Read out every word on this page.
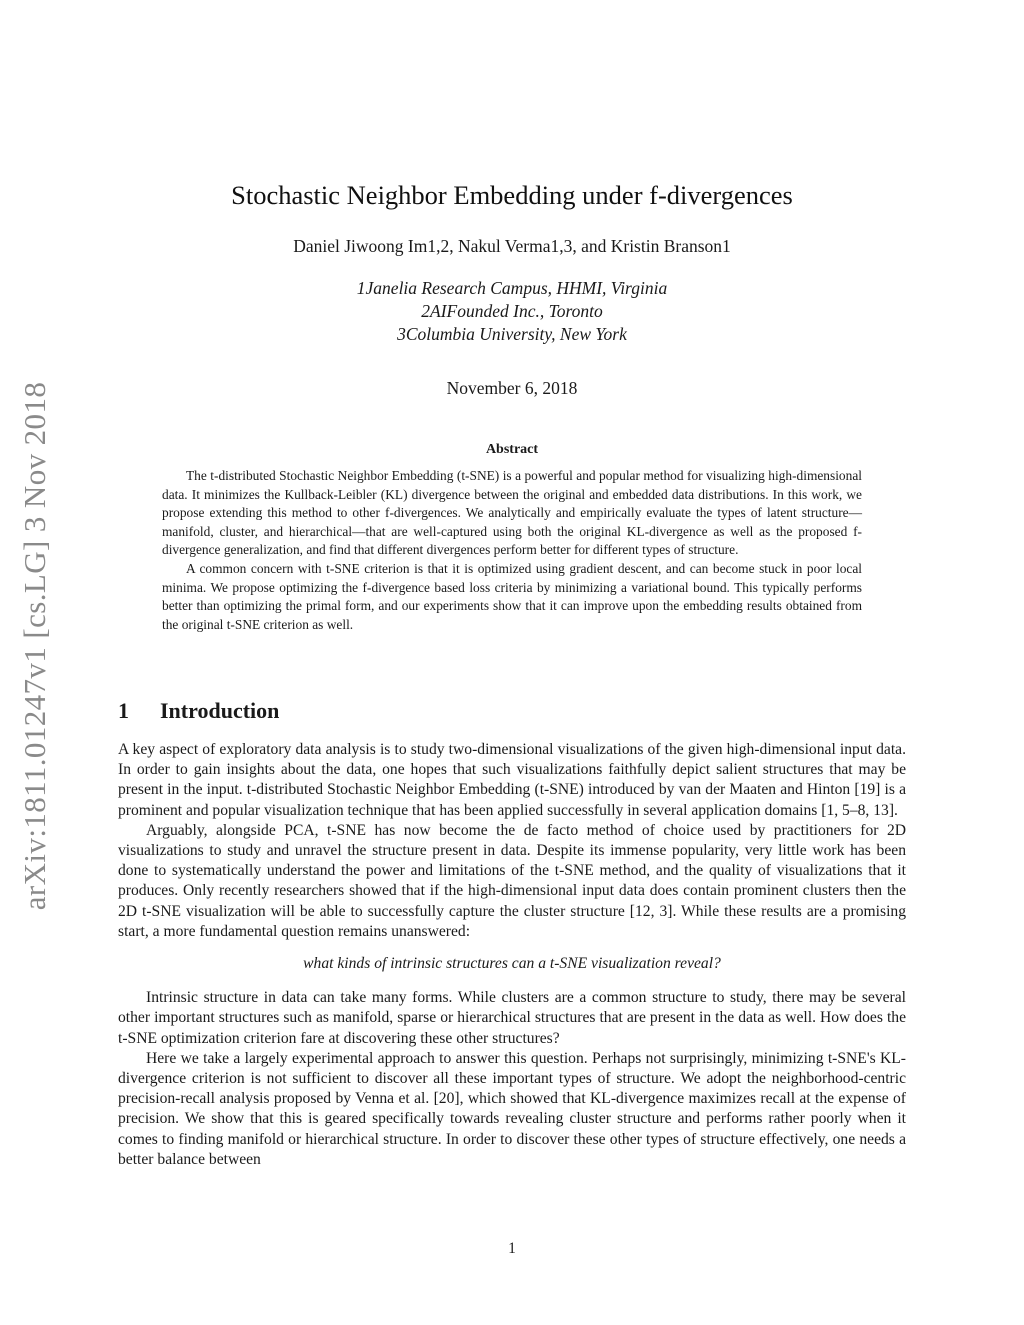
arXiv:1811.01247v1 [cs.LG] 3 Nov 2018
Stochastic Neighbor Embedding under f-divergences
Daniel Jiwoong Im1,2, Nakul Verma1,3, and Kristin Branson1
1Janelia Research Campus, HHMI, Virginia
2AIFounded Inc., Toronto
3Columbia University, New York
November 6, 2018
Abstract

The t-distributed Stochastic Neighbor Embedding (t-SNE) is a powerful and popular method for visualizing high-dimensional data. It minimizes the Kullback-Leibler (KL) divergence between the original and embedded data distributions. In this work, we propose extending this method to other f-divergences. We analytically and empirically evaluate the types of latent structure—manifold, cluster, and hierarchical—that are well-captured using both the original KL-divergence as well as the proposed f-divergence generalization, and find that different divergences perform better for different types of structure.

A common concern with t-SNE criterion is that it is optimized using gradient descent, and can become stuck in poor local minima. We propose optimizing the f-divergence based loss criteria by minimizing a variational bound. This typically performs better than optimizing the primal form, and our experiments show that it can improve upon the embedding results obtained from the original t-SNE criterion as well.

1 Introduction

A key aspect of exploratory data analysis is to study two-dimensional visualizations of the given high-dimensional input data. In order to gain insights about the data, one hopes that such visualizations faithfully depict salient structures that may be present in the input. t-distributed Stochastic Neighbor Embedding (t-SNE) introduced by van der Maaten and Hinton [19] is a prominent and popular visualization technique that has been applied successfully in several application domains [1, 5–8, 13].

Arguably, alongside PCA, t-SNE has now become the de facto method of choice used by practitioners for 2D visualizations to study and unravel the structure present in data. Despite its immense popularity, very little work has been done to systematically understand the power and limitations of the t-SNE method, and the quality of visualizations that it produces. Only recently researchers showed that if the high-dimensional input data does contain prominent clusters then the 2D t-SNE visualization will be able to successfully capture the cluster structure [12, 3]. While these results are a promising start, a more fundamental question remains unanswered:

what kinds of intrinsic structures can a t-SNE visualization reveal?

Intrinsic structure in data can take many forms. While clusters are a common structure to study, there may be several other important structures such as manifold, sparse or hierarchical structures that are present in the data as well. How does the t-SNE optimization criterion fare at discovering these other structures?

Here we take a largely experimental approach to answer this question. Perhaps not surprisingly, minimizing t-SNE's KL-divergence criterion is not sufficient to discover all these important types of structure. We adopt the neighborhood-centric precision-recall analysis proposed by Venna et al. [20], which showed that KL-divergence maximizes recall at the expense of precision. We show that this is geared specifically towards revealing cluster structure and performs rather poorly when it comes to finding manifold or hierarchical structure. In order to discover these other types of structure effectively, one needs a better balance between

1
